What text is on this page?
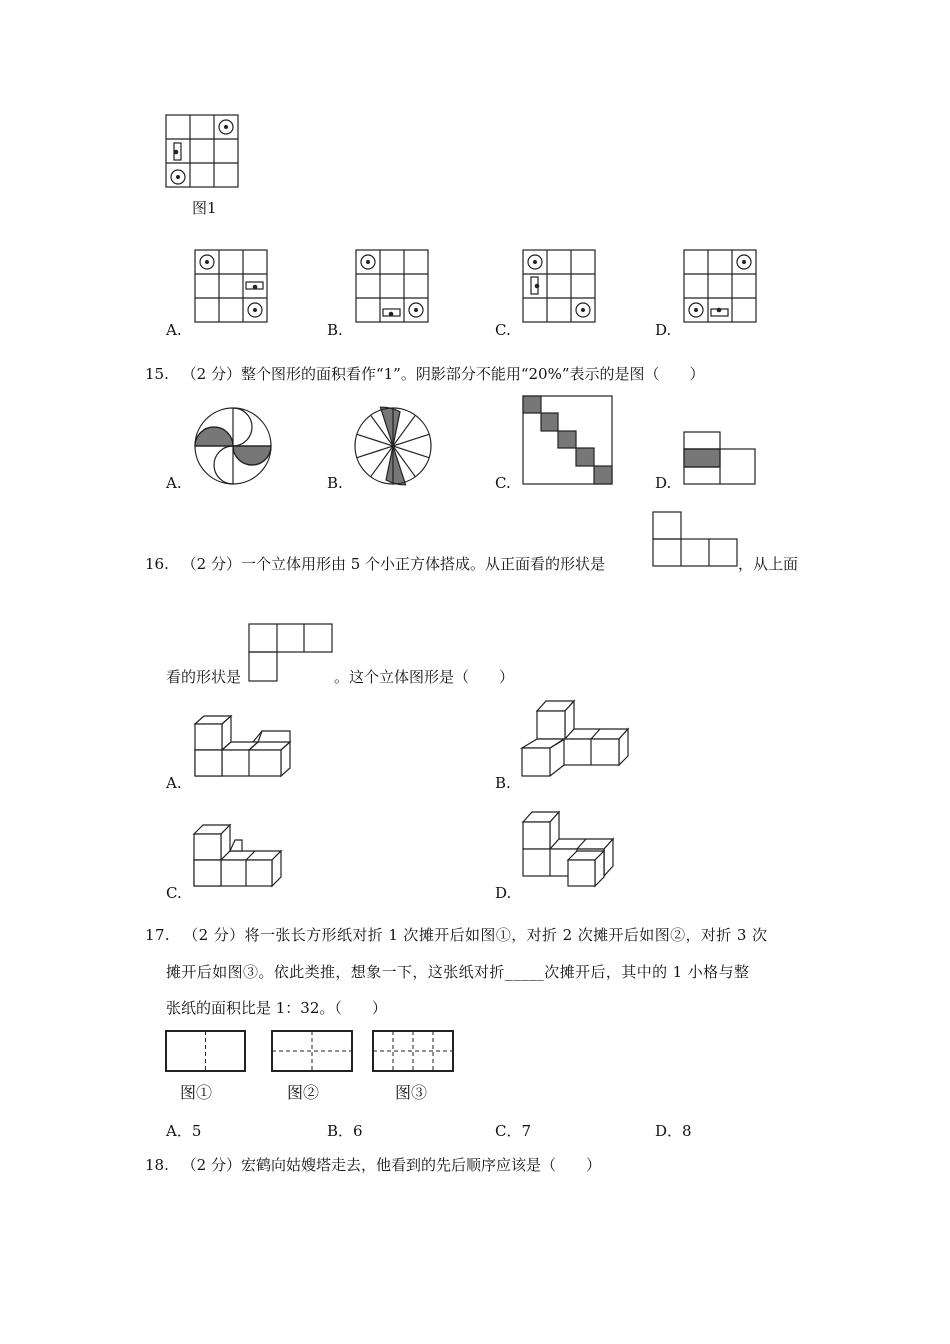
图1
A.	B.	C.	D.
15. （2 分）整个图形的面积看作“1”。阴影部分不能用“20%”表示的是图（　　）
A.	B.	C.	D.
16. （2 分）一个立体用形由 5 个小正方体搭成。从正面看的形状是	，从上面
看的形状是	。这个立体图形是（　　）
A.	B.
C.	D.
17. （2 分）将一张长方形纸对折 1 次摊开后如图①，对折 2 次摊开后如图②，对折 3 次
摊开后如图③。依此类推，想象一下，这张纸对折_____次摊开后，其中的 1 小格与整
张纸的面积比是 1：32。（　　）
图①	图②	图③
A．5	B．6	C．7	D．8
18. （2 分）宏鹤向姑嫂塔走去，他看到的先后顺序应该是（　　）
